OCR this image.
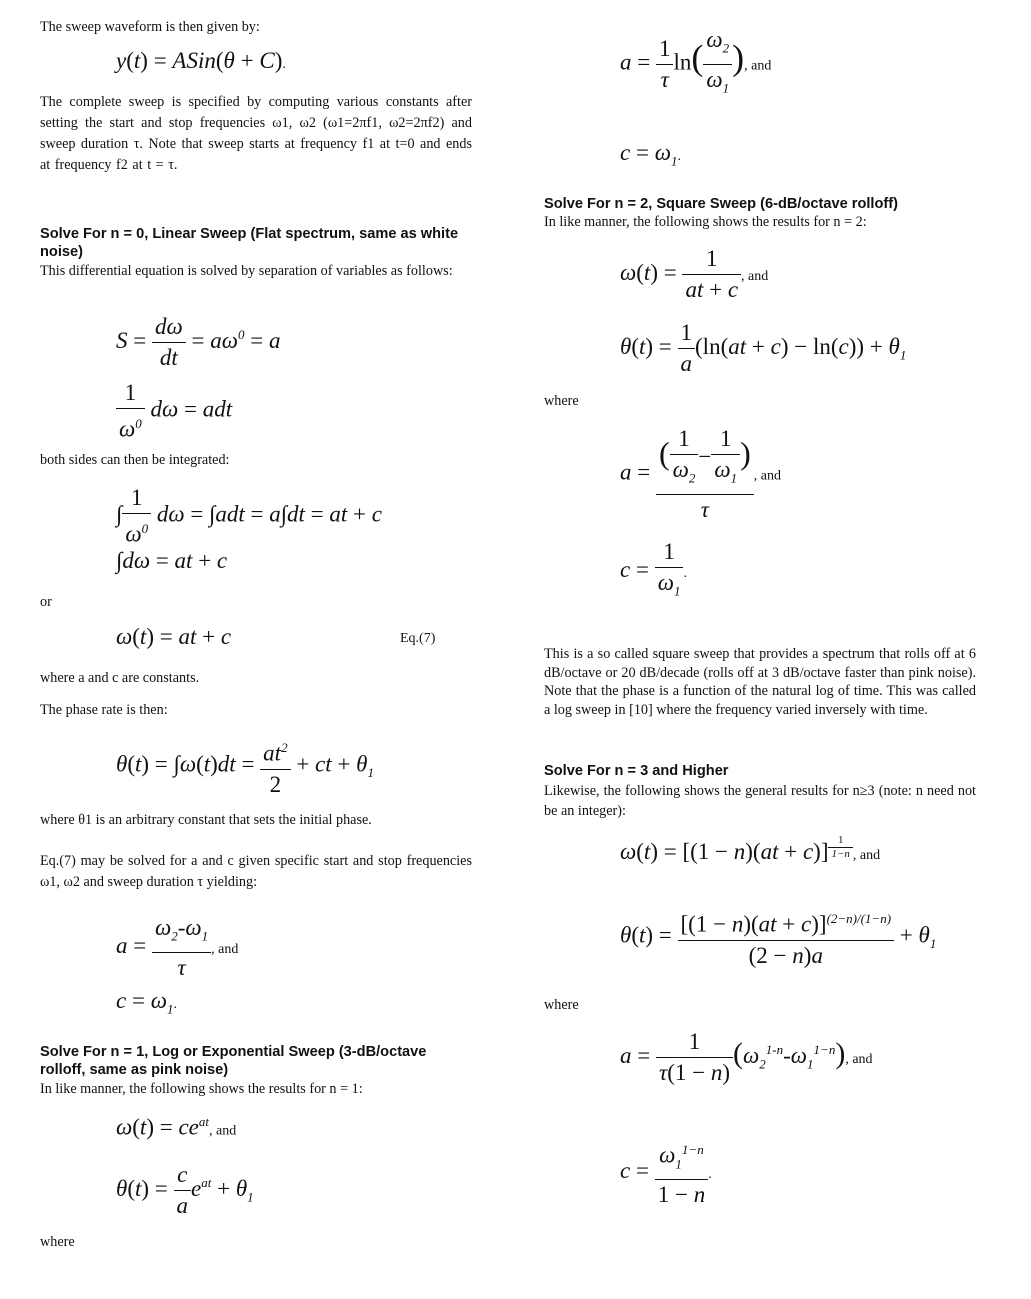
The sweep waveform is then given by:
y(t) = ASin(θ + C).
The complete sweep is specified by computing various constants after setting the start and stop frequencies ω1, ω2 (ω1=2πf1, ω2=2πf2) and sweep duration τ. Note that sweep starts at frequency f1 at t=0 and ends at frequency f2 at t = τ.
Solve For n = 0, Linear Sweep (Flat spectrum, same as white noise)
This differential equation is solved by separation of variables as follows:
$S = \frac{d\omega}{dt} = a\omega^0 = a$
$\frac{1}{\omega^0}$ dω = adt
both sides can then be integrated:
∫ $\frac{1}{\omega^0}$ dω = ∫adt = a∫dt = at + c
∫dω = at + c
or
ω(t) = at + c	Eq.(7)
where a and c are constants.
The phase rate is then:
$\theta(t) = \int\omega(t)dt = \frac{at^2}{2}$ + ct + $\theta_1$
where θ1 is an arbitrary constant that sets the initial phase.
Eq.(7) may be solved for a and c given specific start and stop frequencies ω1, ω2 and sweep duration τ yielding:
$a = \frac{\omega_2-\omega_1}{\tau}$ , and
$c = \omega_1$.
Solve For n = 1, Log or Exponential Sweep (3-dB/octave rolloff, same as pink noise)
In like manner, the following shows the results for n = 1:
$\omega(t) = ce^{at}$, and
$\theta(t) = \frac{c}{a} e^{at} + \theta_1$
where
$a = \frac{1}{\tau} \ln( \frac{\omega_2}{\omega_1}$ ), and
$c = \omega_1$.
Solve For n = 2, Square Sweep (6-dB/octave rolloff)
In like manner, the following shows the results for n = 2:
$\omega(t) = \frac{1}{at + c}$ , and
$\theta(t) = \frac{1}{a} (\ln(at + c) - \ln(c)) + \theta_1$
where
$a = \frac{( \frac{1}{\omega_2} - \frac{1}{\omega_1} )}{\tau}$ , and
$c = \frac{1}{\omega_1}$ .
This is a so called square sweep that provides a spectrum that rolls off at 6 dB/octave or 20 dB/decade (rolls off at 3 dB/octave faster than pink noise). Note that the phase is a function of the natural log of time. This was called a log sweep in [10] where the frequency varied inversely with time.
Solve For n = 3 and Higher
Likewise, the following shows the general results for n≥3 (note: n need not be an integer):
ω(t) = [(1 − n)(at + c)] $^{\frac{1}{1-n}}$ , and
$\theta(t) = \frac{[(1 - n)(at + c)]^{(2-n)/(1-n)}}{(2 - n)a} + \theta_1$
where
$a = \frac{1}{\tau(1 - n)} (\omega_2^{1-n}-\omega_1^{1-n})$, and
$c = \frac{\omega_1^{1-n}}{1 - n}$ .
